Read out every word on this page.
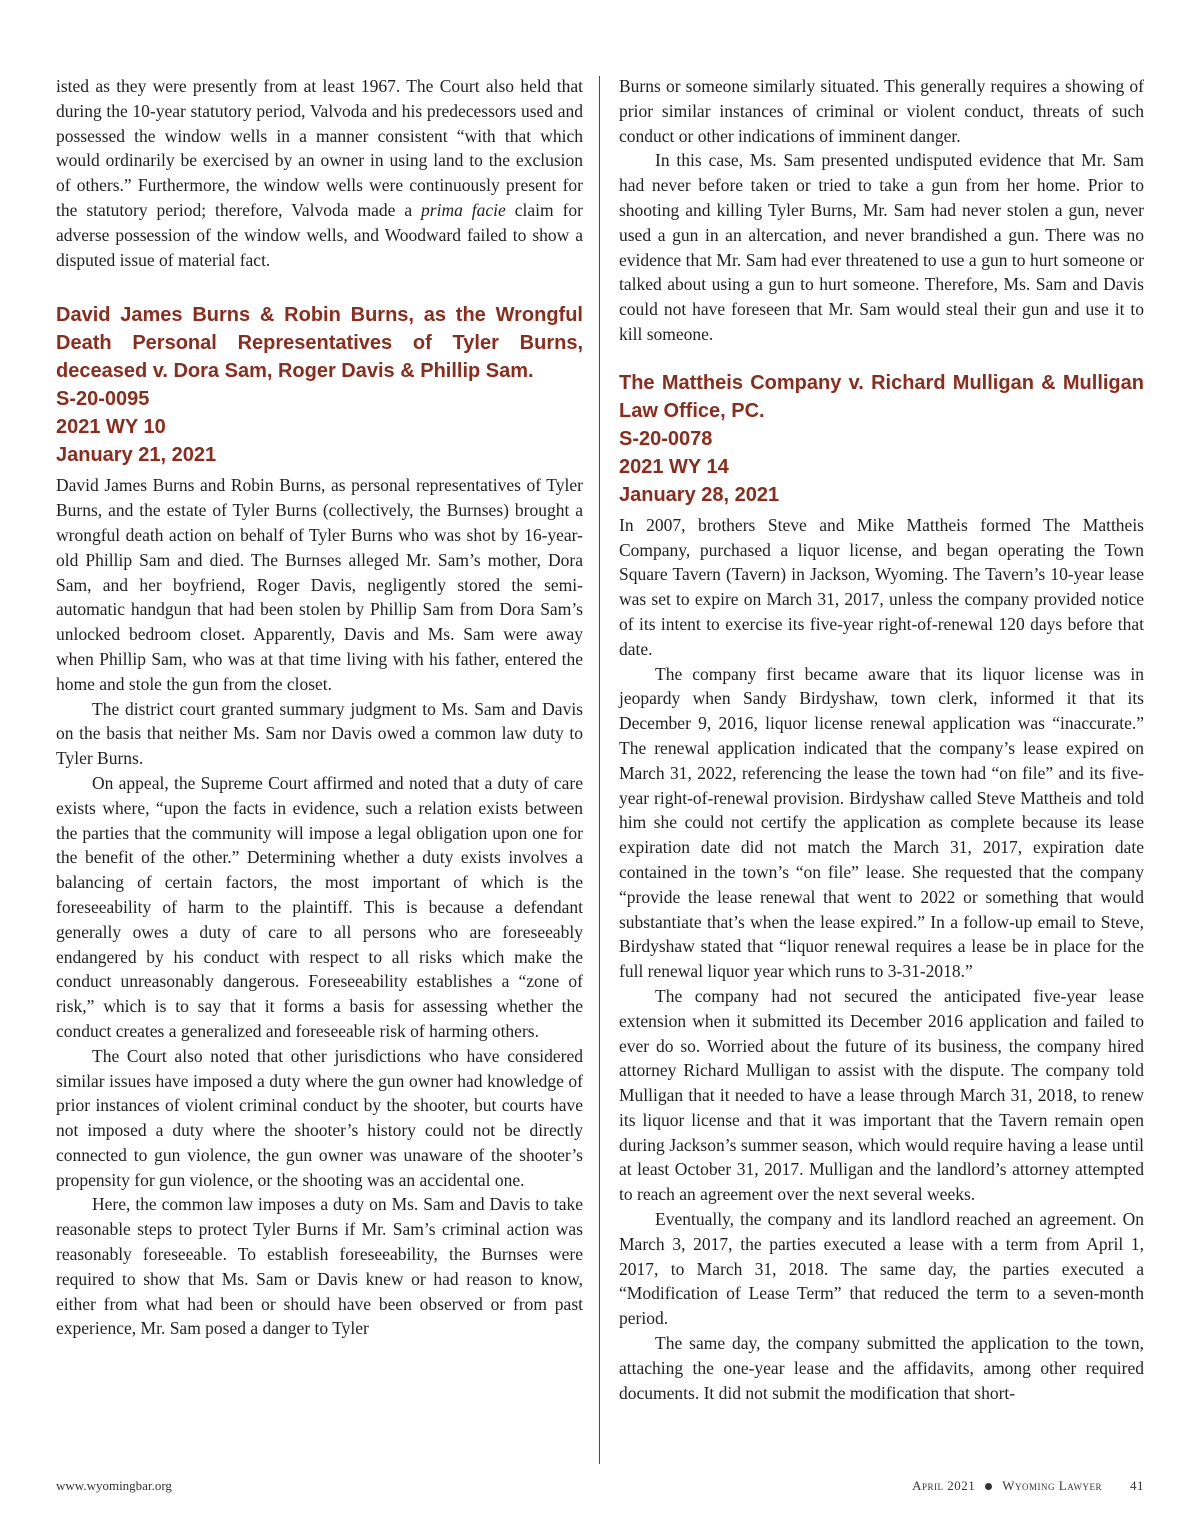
isted as they were presently from at least 1967. The Court also held that during the 10-year statutory period, Valvoda and his predecessors used and possessed the window wells in a manner consistent “with that which would ordinarily be exercised by an owner in using land to the exclusion of others.” Furthermore, the window wells were continuously present for the statutory period; therefore, Valvoda made a prima facie claim for adverse possession of the window wells, and Woodward failed to show a disputed issue of material fact.

David James Burns & Robin Burns, as the Wrongful Death Personal Representatives of Tyler Burns, deceased v. Dora Sam, Roger Davis & Phillip Sam.
S-20-0095
2021 WY 10
January 21, 2021

David James Burns and Robin Burns, as personal representatives of Tyler Burns, and the estate of Tyler Burns (collectively, the Burnses) brought a wrongful death action on behalf of Tyler Burns who was shot by 16-year-old Phillip Sam and died. The Burnses alleged Mr. Sam’s mother, Dora Sam, and her boyfriend, Roger Davis, negligently stored the semi-automatic handgun that had been stolen by Phillip Sam from Dora Sam’s unlocked bedroom closet. Apparently, Davis and Ms. Sam were away when Phillip Sam, who was at that time living with his father, entered the home and stole the gun from the closet.

The district court granted summary judgment to Ms. Sam and Davis on the basis that neither Ms. Sam nor Davis owed a common law duty to Tyler Burns.

On appeal, the Supreme Court affirmed and noted that a duty of care exists where, “upon the facts in evidence, such a relation exists between the parties that the community will impose a legal obligation upon one for the benefit of the other.” Determining whether a duty exists involves a balancing of certain factors, the most important of which is the foreseeability of harm to the plaintiff. This is because a defendant generally owes a duty of care to all persons who are foreseeably endangered by his conduct with respect to all risks which make the conduct unreasonably dangerous. Foreseeability establishes a “zone of risk,” which is to say that it forms a basis for assessing whether the conduct creates a generalized and foreseeable risk of harming others.

The Court also noted that other jurisdictions who have considered similar issues have imposed a duty where the gun owner had knowledge of prior instances of violent criminal conduct by the shooter, but courts have not imposed a duty where the shooter’s history could not be directly connected to gun violence, the gun owner was unaware of the shooter’s propensity for gun violence, or the shooting was an accidental one.

Here, the common law imposes a duty on Ms. Sam and Davis to take reasonable steps to protect Tyler Burns if Mr. Sam’s criminal action was reasonably foreseeable. To establish foreseeability, the Burnses were required to show that Ms. Sam or Davis knew or had reason to know, either from what had been or should have been observed or from past experience, Mr. Sam posed a danger to Tyler

Burns or someone similarly situated. This generally requires a showing of prior similar instances of criminal or violent conduct, threats of such conduct or other indications of imminent danger.

In this case, Ms. Sam presented undisputed evidence that Mr. Sam had never before taken or tried to take a gun from her home. Prior to shooting and killing Tyler Burns, Mr. Sam had never stolen a gun, never used a gun in an altercation, and never brandished a gun. There was no evidence that Mr. Sam had ever threatened to use a gun to hurt someone or talked about using a gun to hurt someone. Therefore, Ms. Sam and Davis could not have foreseen that Mr. Sam would steal their gun and use it to kill someone.

The Mattheis Company v. Richard Mulligan & Mulligan Law Office, PC.
S-20-0078
2021 WY 14
January 28, 2021

In 2007, brothers Steve and Mike Mattheis formed The Mattheis Company, purchased a liquor license, and began operating the Town Square Tavern (Tavern) in Jackson, Wyoming. The Tavern’s 10-year lease was set to expire on March 31, 2017, unless the company provided notice of its intent to exercise its five-year right-of-renewal 120 days before that date.

The company first became aware that its liquor license was in jeopardy when Sandy Birdyshaw, town clerk, informed it that its December 9, 2016, liquor license renewal application was “inaccurate.” The renewal application indicated that the company’s lease expired on March 31, 2022, referencing the lease the town had “on file” and its five-year right-of-renewal provision. Birdyshaw called Steve Mattheis and told him she could not certify the application as complete because its lease expiration date did not match the March 31, 2017, expiration date contained in the town’s “on file” lease. She requested that the company “provide the lease renewal that went to 2022 or something that would substantiate that’s when the lease expired.” In a follow-up email to Steve, Birdyshaw stated that “liquor renewal requires a lease be in place for the full renewal liquor year which runs to 3-31-2018.”

The company had not secured the anticipated five-year lease extension when it submitted its December 2016 application and failed to ever do so. Worried about the future of its business, the company hired attorney Richard Mulligan to assist with the dispute. The company told Mulligan that it needed to have a lease through March 31, 2018, to renew its liquor license and that it was important that the Tavern remain open during Jackson’s summer season, which would require having a lease until at least October 31, 2017. Mulligan and the landlord’s attorney attempted to reach an agreement over the next several weeks.

Eventually, the company and its landlord reached an agreement. On March 3, 2017, the parties executed a lease with a term from April 1, 2017, to March 31, 2018. The same day, the parties executed a “Modification of Lease Term” that reduced the term to a seven-month period.

The same day, the company submitted the application to the town, attaching the one-year lease and the affidavits, among other required documents. It did not submit the modification that short-

www.wyomingbar.org	April 2021 Wyoming Lawyer 41
